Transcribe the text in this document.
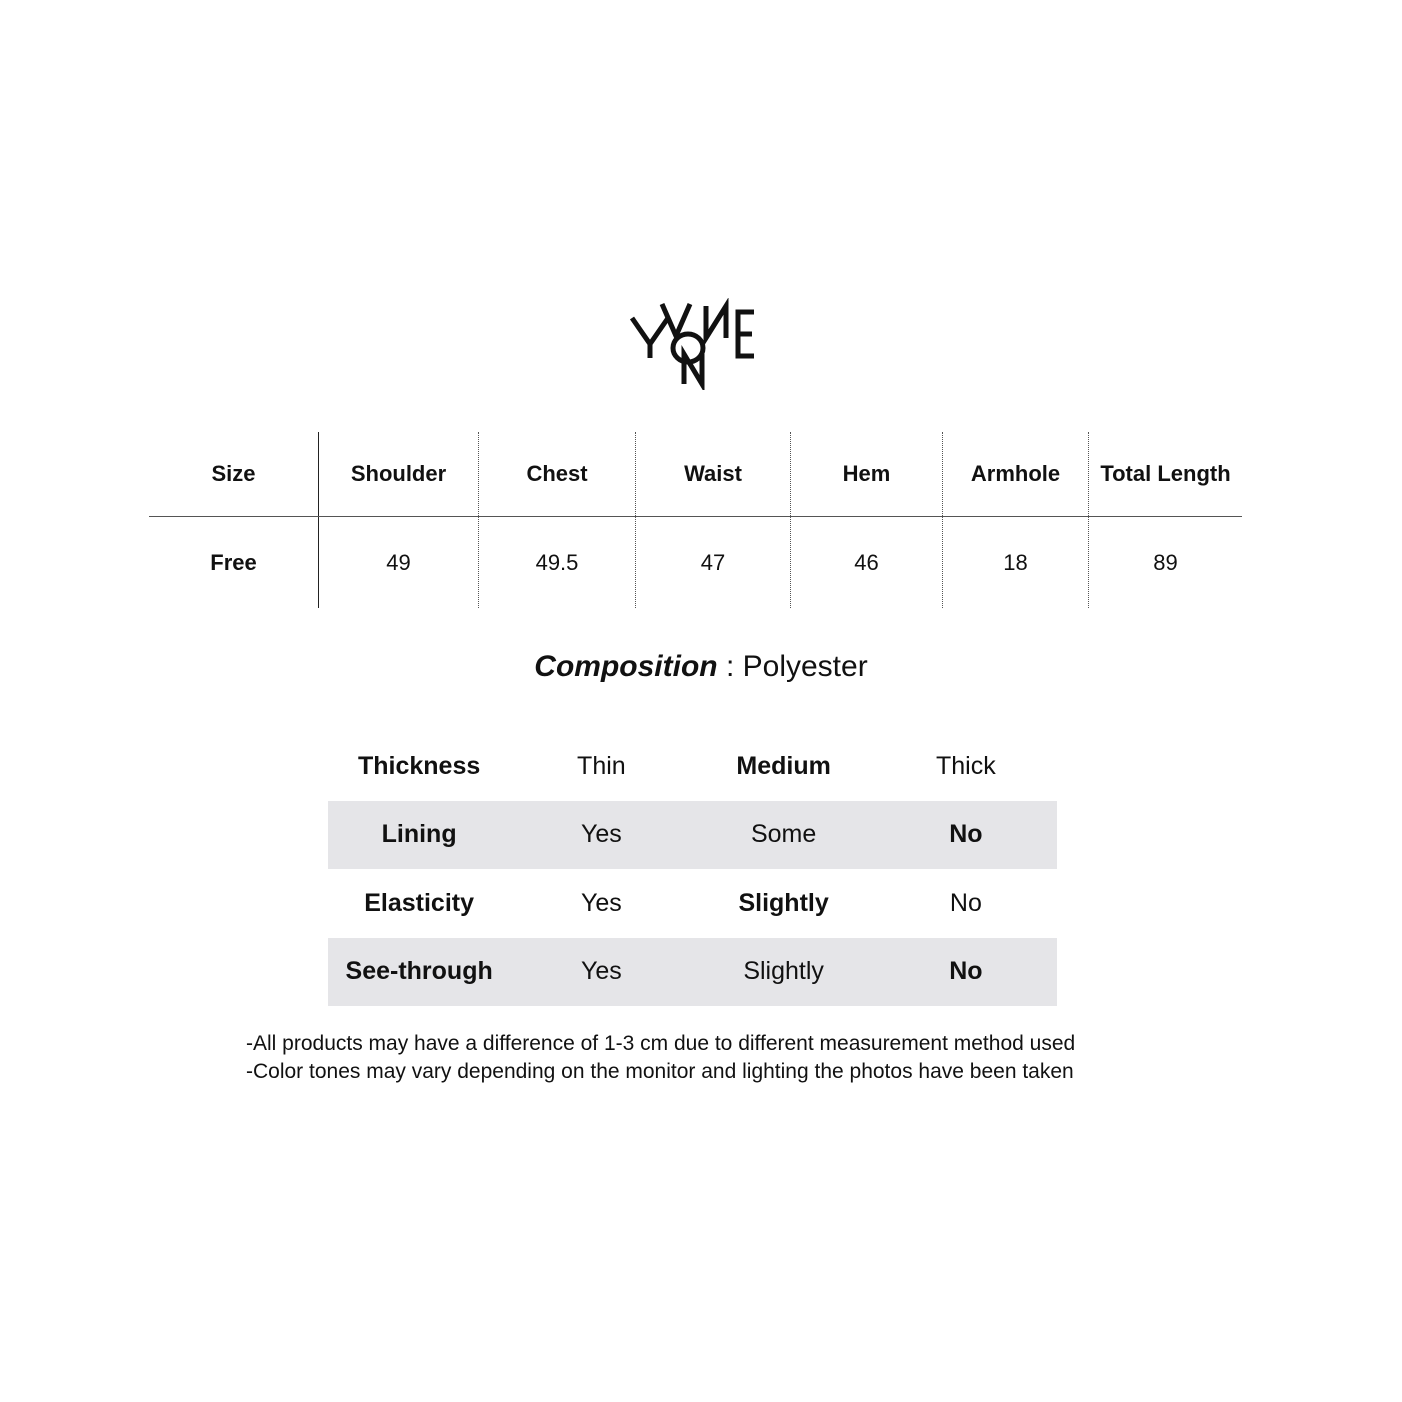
Size	Shoulder	Chest	Waist	Hem	Armhole	Total Length
Free	49	49.5	47	46	18	89
Composition : Polyester
Thickness	Thin	Medium	Thick
Lining	Yes	Some	No
Elasticity	Yes	Slightly	No
See-through	Yes	Slightly	No
-All products may have a difference of 1-3 cm due to different measurement method used
-Color tones may vary depending on the monitor and lighting the photos have been taken
